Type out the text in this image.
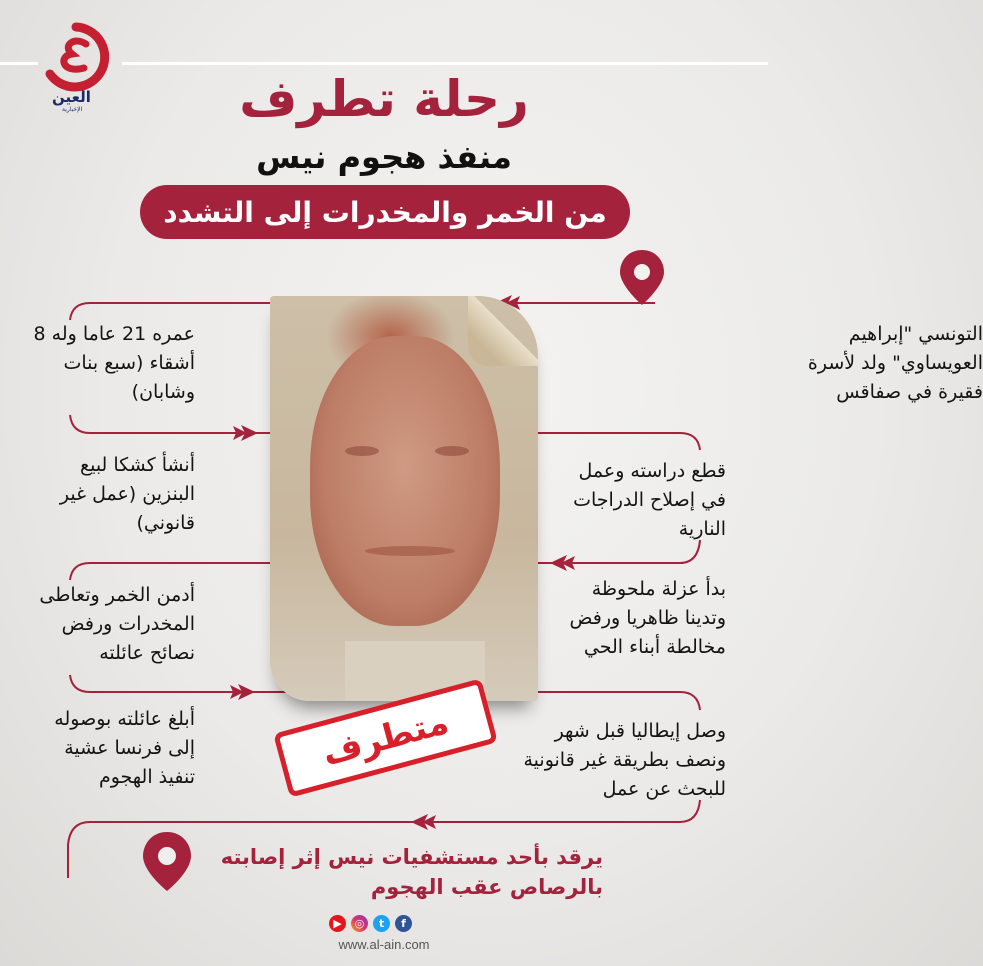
العين
الإخبارية	رحلة تطرف
منفذ هجوم نيس
من الخمر والمخدرات إلى التشدد
متطرف
التونسي "إبراهيم العويساوي" ولد لأسرة فقيرة في صفاقس
قطع دراسته وعمل في إصلاح الدراجات النارية
بدأ عزلة ملحوظة وتدينا ظاهريا ورفض مخالطة أبناء الحي
وصل إيطاليا قبل شهر ونصف بطريقة غير قانونية للبحث عن عمل
عمره 21 عاما وله 8 أشقاء (سبع بنات وشابان)
أنشأ كشكا لبيع البنزين (عمل غير قانوني)
أدمن الخمر وتعاطى المخدرات ورفض نصائح عائلته
أبلغ عائلته بوصوله إلى فرنسا عشية تنفيذ الهجوم
يرقد بأحد مستشفيات نيس إثر إصابته بالرصاص عقب الهجوم
▶	◎	t	f
www.al-ain.com
